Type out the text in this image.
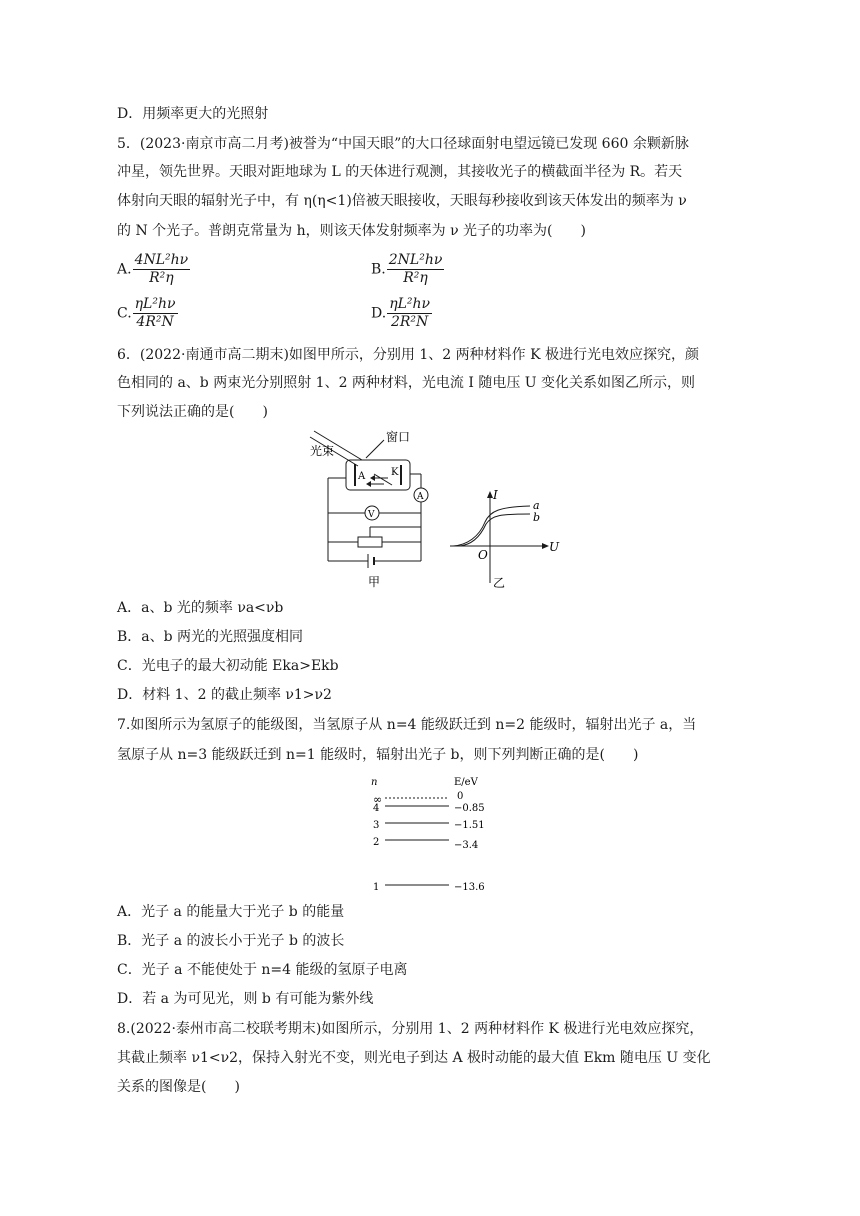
D．用频率更大的光照射
5．(2023·南京市高二月考)被誉为“中国天眼”的大口径球面射电望远镜已发现 660 余颗新脉
冲星，领先世界。天眼对距地球为 L 的天体进行观测，其接收光子的横截面半径为 R。若天
体射向天眼的辐射光子中，有 η(η<1)倍被天眼接收，天眼每秒接收到该天体发出的频率为 ν
的 N 个光子。普朗克常量为 h，则该天体发射频率为 ν 光子的功率为(　　)
A. $\frac{\text{4NL²hν}}{\text{R²η}}$	B. $\frac{\text{2NL²hν}}{\text{R²η}}$
C. $\frac{\text{ηL²hν}}{\text{4R²N}}$	D. $\frac{\text{ηL²hν}}{\text{2R²N}}$
6．(2022·南通市高二期末)如图甲所示，分别用 1、2 两种材料作 K 极进行光电效应探究，颜
色相同的 a、b 两束光分别照射 1、2 两种材料，光电流 I 随电压 U 变化关系如图乙所示，则
下列说法正确的是(　　)
光束
窗口
A	K
A
V
甲
I
U
O
a
b
乙
A．a、b 光的频率 νa<νb
B．a、b 两光的光照强度相同
C．光电子的最大初动能 Eka>Ekb
D．材料 1、2 的截止频率 ν1>ν2
7.如图所示为氢原子的能级图，当氢原子从 n=4 能级跃迁到 n=2 能级时，辐射出光子 a，当
氢原子从 n=3 能级跃迁到 n=1 能级时，辐射出光子 b，则下列判断正确的是(　　)
n	E/eV
∞	0
4	−0.85
3	−1.51
2	−3.4
1	−13.6
A．光子 a 的能量大于光子 b 的能量
B．光子 a 的波长小于光子 b 的波长
C．光子 a 不能使处于 n=4 能级的氢原子电离
D．若 a 为可见光，则 b 有可能为紫外线
8.(2022·泰州市高二校联考期末)如图所示，分别用 1、2 两种材料作 K 极进行光电效应探究，
其截止频率 ν1<ν2，保持入射光不变，则光电子到达 A 极时动能的最大值 Ekm 随电压 U 变化
关系的图像是(　　)
